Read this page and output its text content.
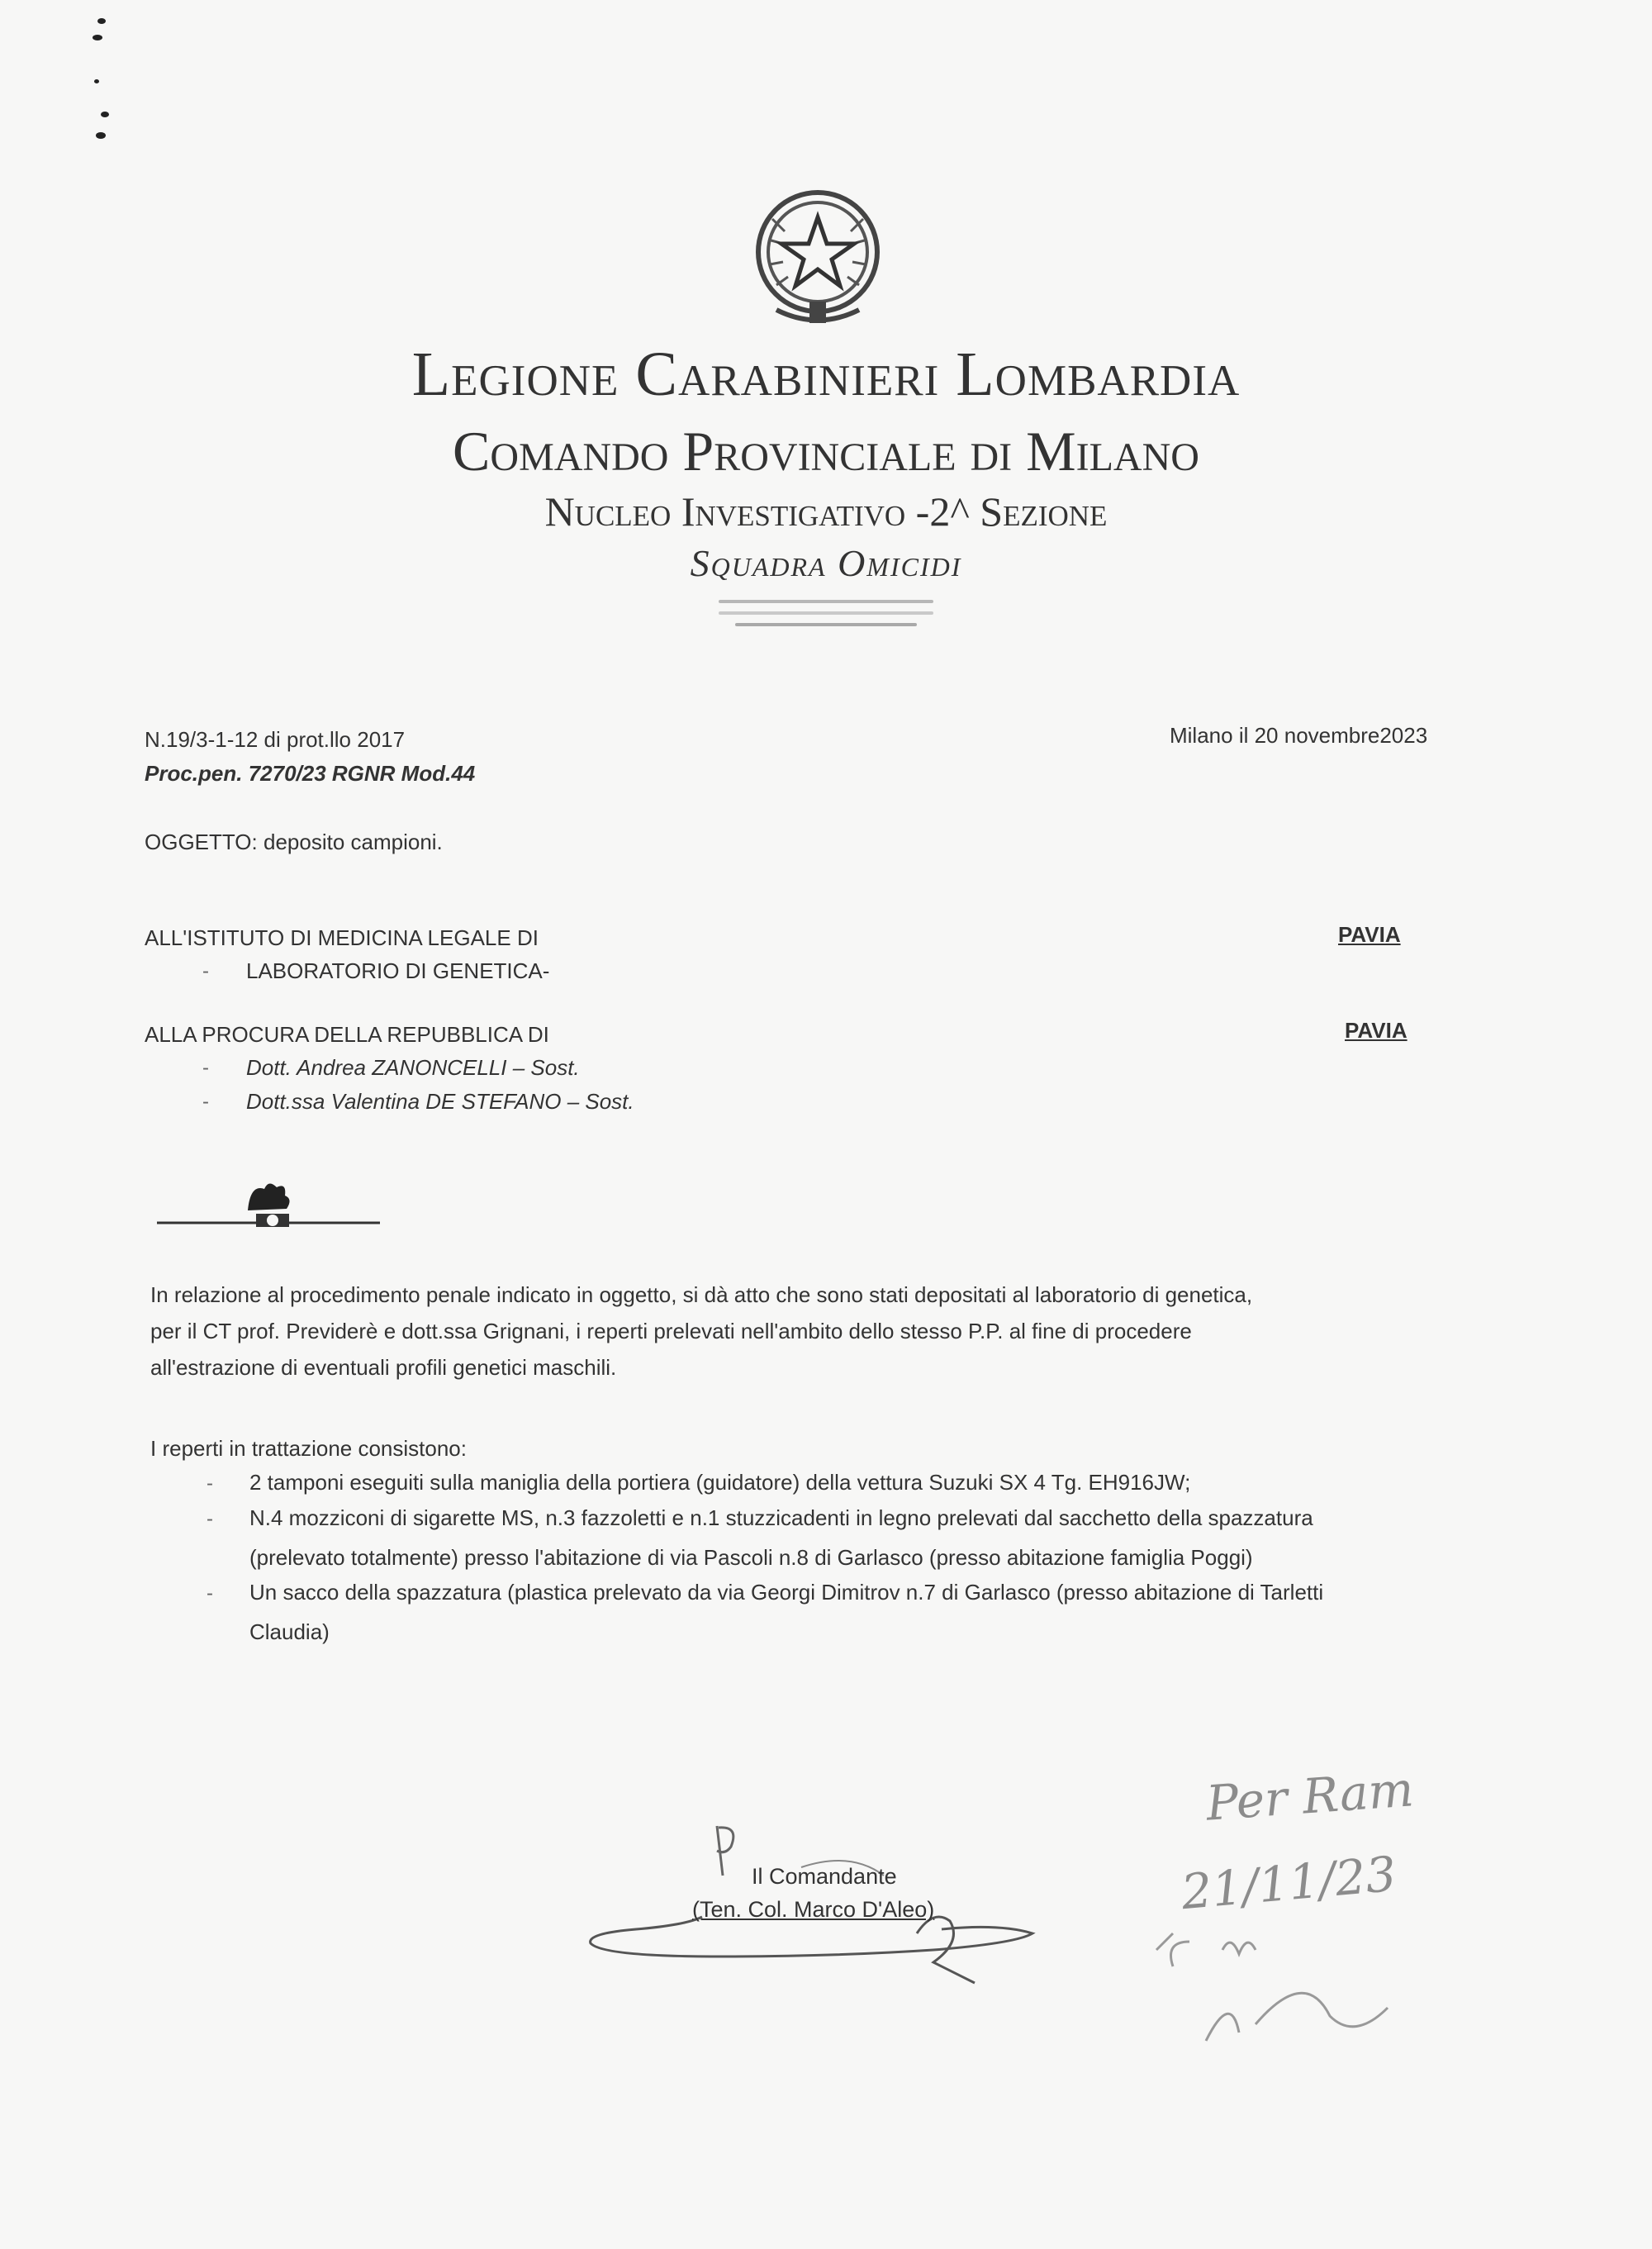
Legione Carabinieri Lombardia
Comando Provinciale di Milano
Nucleo Investigativo -2^ Sezione
Squadra Omicidi
N.19/3-1-12 di prot.llo 2017
Proc.pen. 7270/23 RGNR Mod.44
Milano il 20 novembre2023
OGGETTO: deposito campioni.
ALL'ISTITUTO DI MEDICINA LEGALE DI	PAVIA
- LABORATORIO DI GENETICA-
ALLA PROCURA DELLA REPUBBLICA DI	PAVIA
- Dott. Andrea ZANONCELLI – Sost.
- Dott.ssa Valentina DE STEFANO – Sost.
In relazione al procedimento penale indicato in oggetto, si dà atto che sono stati depositati al laboratorio di genetica,
per il CT prof. Previderè e dott.ssa Grignani, i reperti prelevati nell'ambito dello stesso P.P. al fine di procedere
all'estrazione di eventuali profili genetici maschili.
I reperti in trattazione consistono:
- 2 tamponi eseguiti sulla maniglia della portiera (guidatore) della vettura Suzuki SX 4 Tg. EH916JW;
- N.4 mozziconi di sigarette MS, n.3 fazzoletti e n.1 stuzzicadenti in legno prelevati dal sacchetto della spazzatura
(prelevato totalmente) presso l'abitazione di via Pascoli n.8 di Garlasco (presso abitazione famiglia Poggi)
- Un sacco della spazzatura (plastica prelevato da via Georgi Dimitrov n.7 di Garlasco (presso abitazione di Tarletti
Claudia)
Il Comandante
(Ten. Col. Marco D'Aleo)
Per Ram
21/11/23
